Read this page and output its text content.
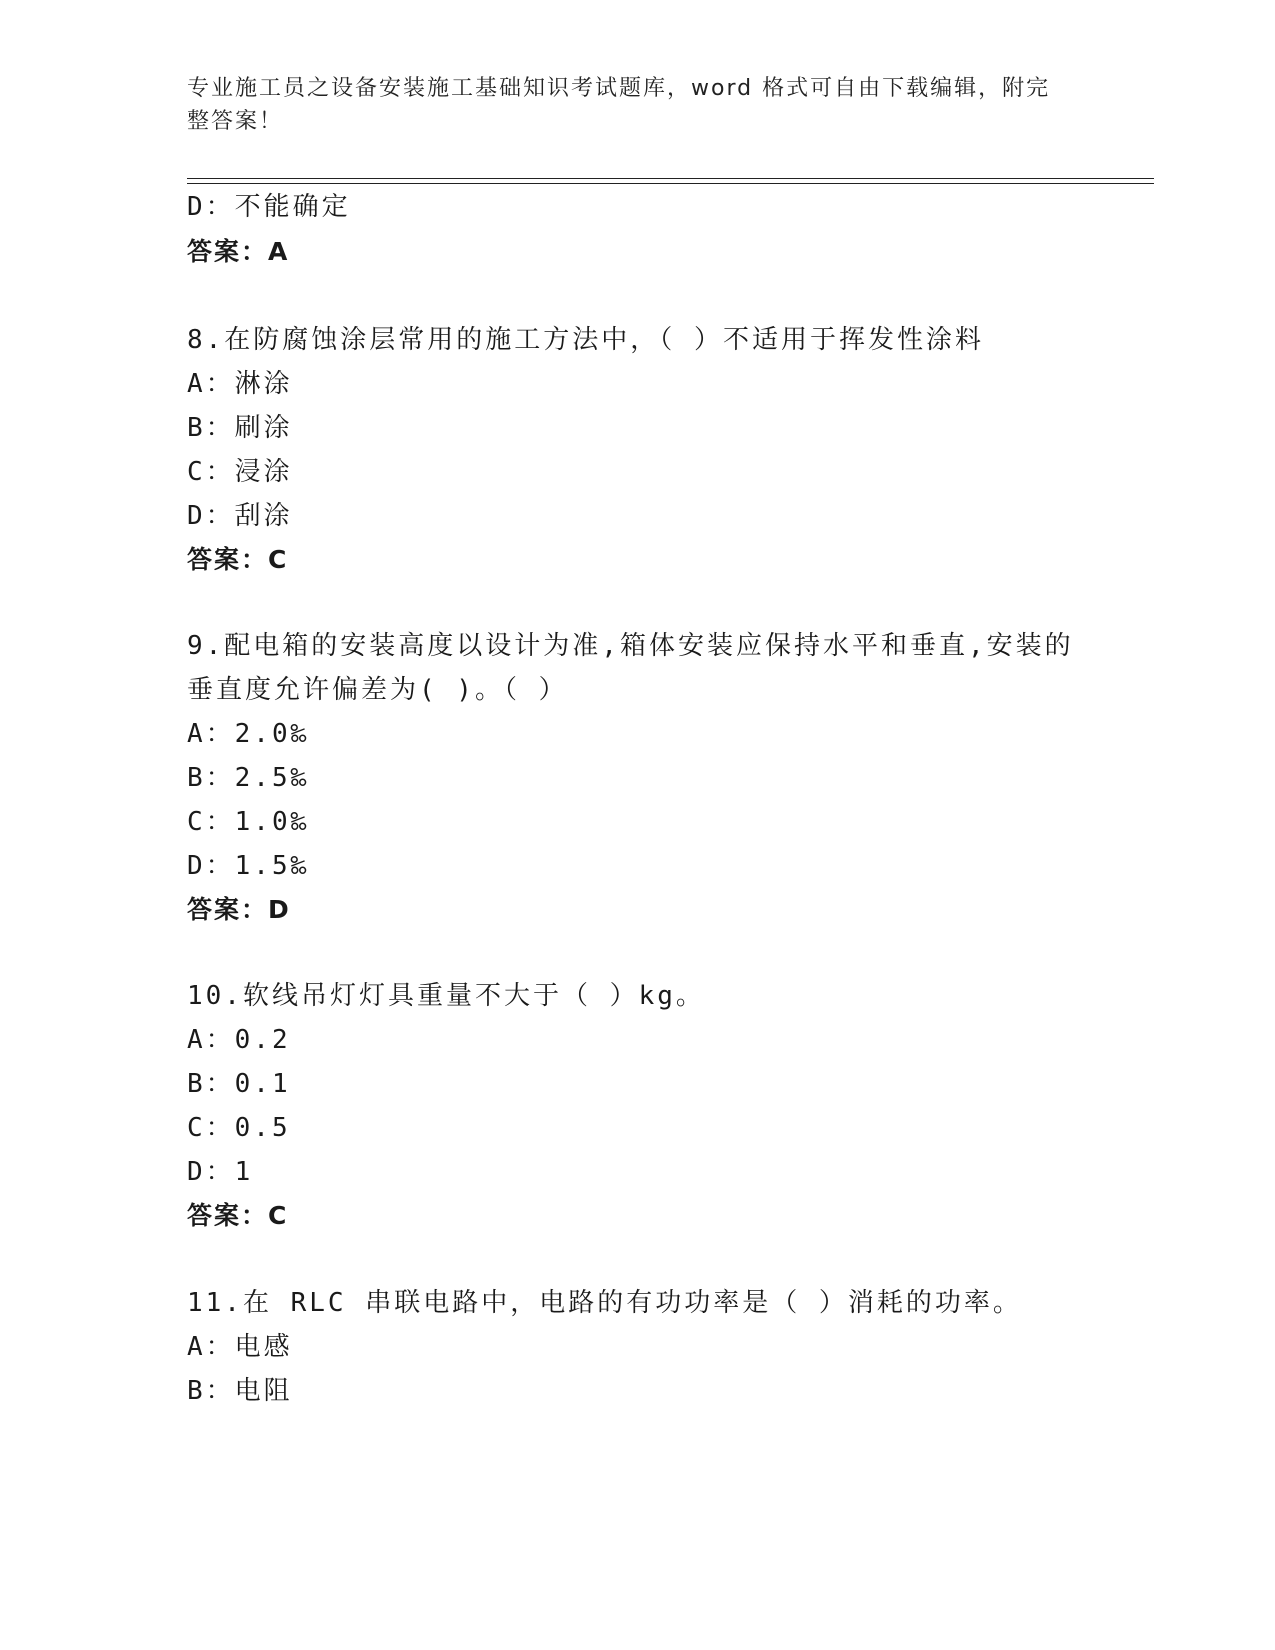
专业施工员之设备安装施工基础知识考试题库，word 格式可自由下载编辑，附完
整答案！
D：不能确定
答案：A
8.在防腐蚀涂层常用的施工方法中，（ ）不适用于挥发性涂料
A：淋涂
B：刷涂
C：浸涂
D：刮涂
答案：C
9.配电箱的安装高度以设计为准,箱体安装应保持水平和垂直,安装的
垂直度允许偏差为( )。（ ）
A：2.0‰
B：2.5‰
C：1.0‰
D：1.5‰
答案：D
10.软线吊灯灯具重量不大于（ ）kg。
A：0.2
B：0.1
C：0.5
D：1
答案：C
11.在 RLC 串联电路中，电路的有功功率是（ ）消耗的功率。
A：电感
B：电阻
